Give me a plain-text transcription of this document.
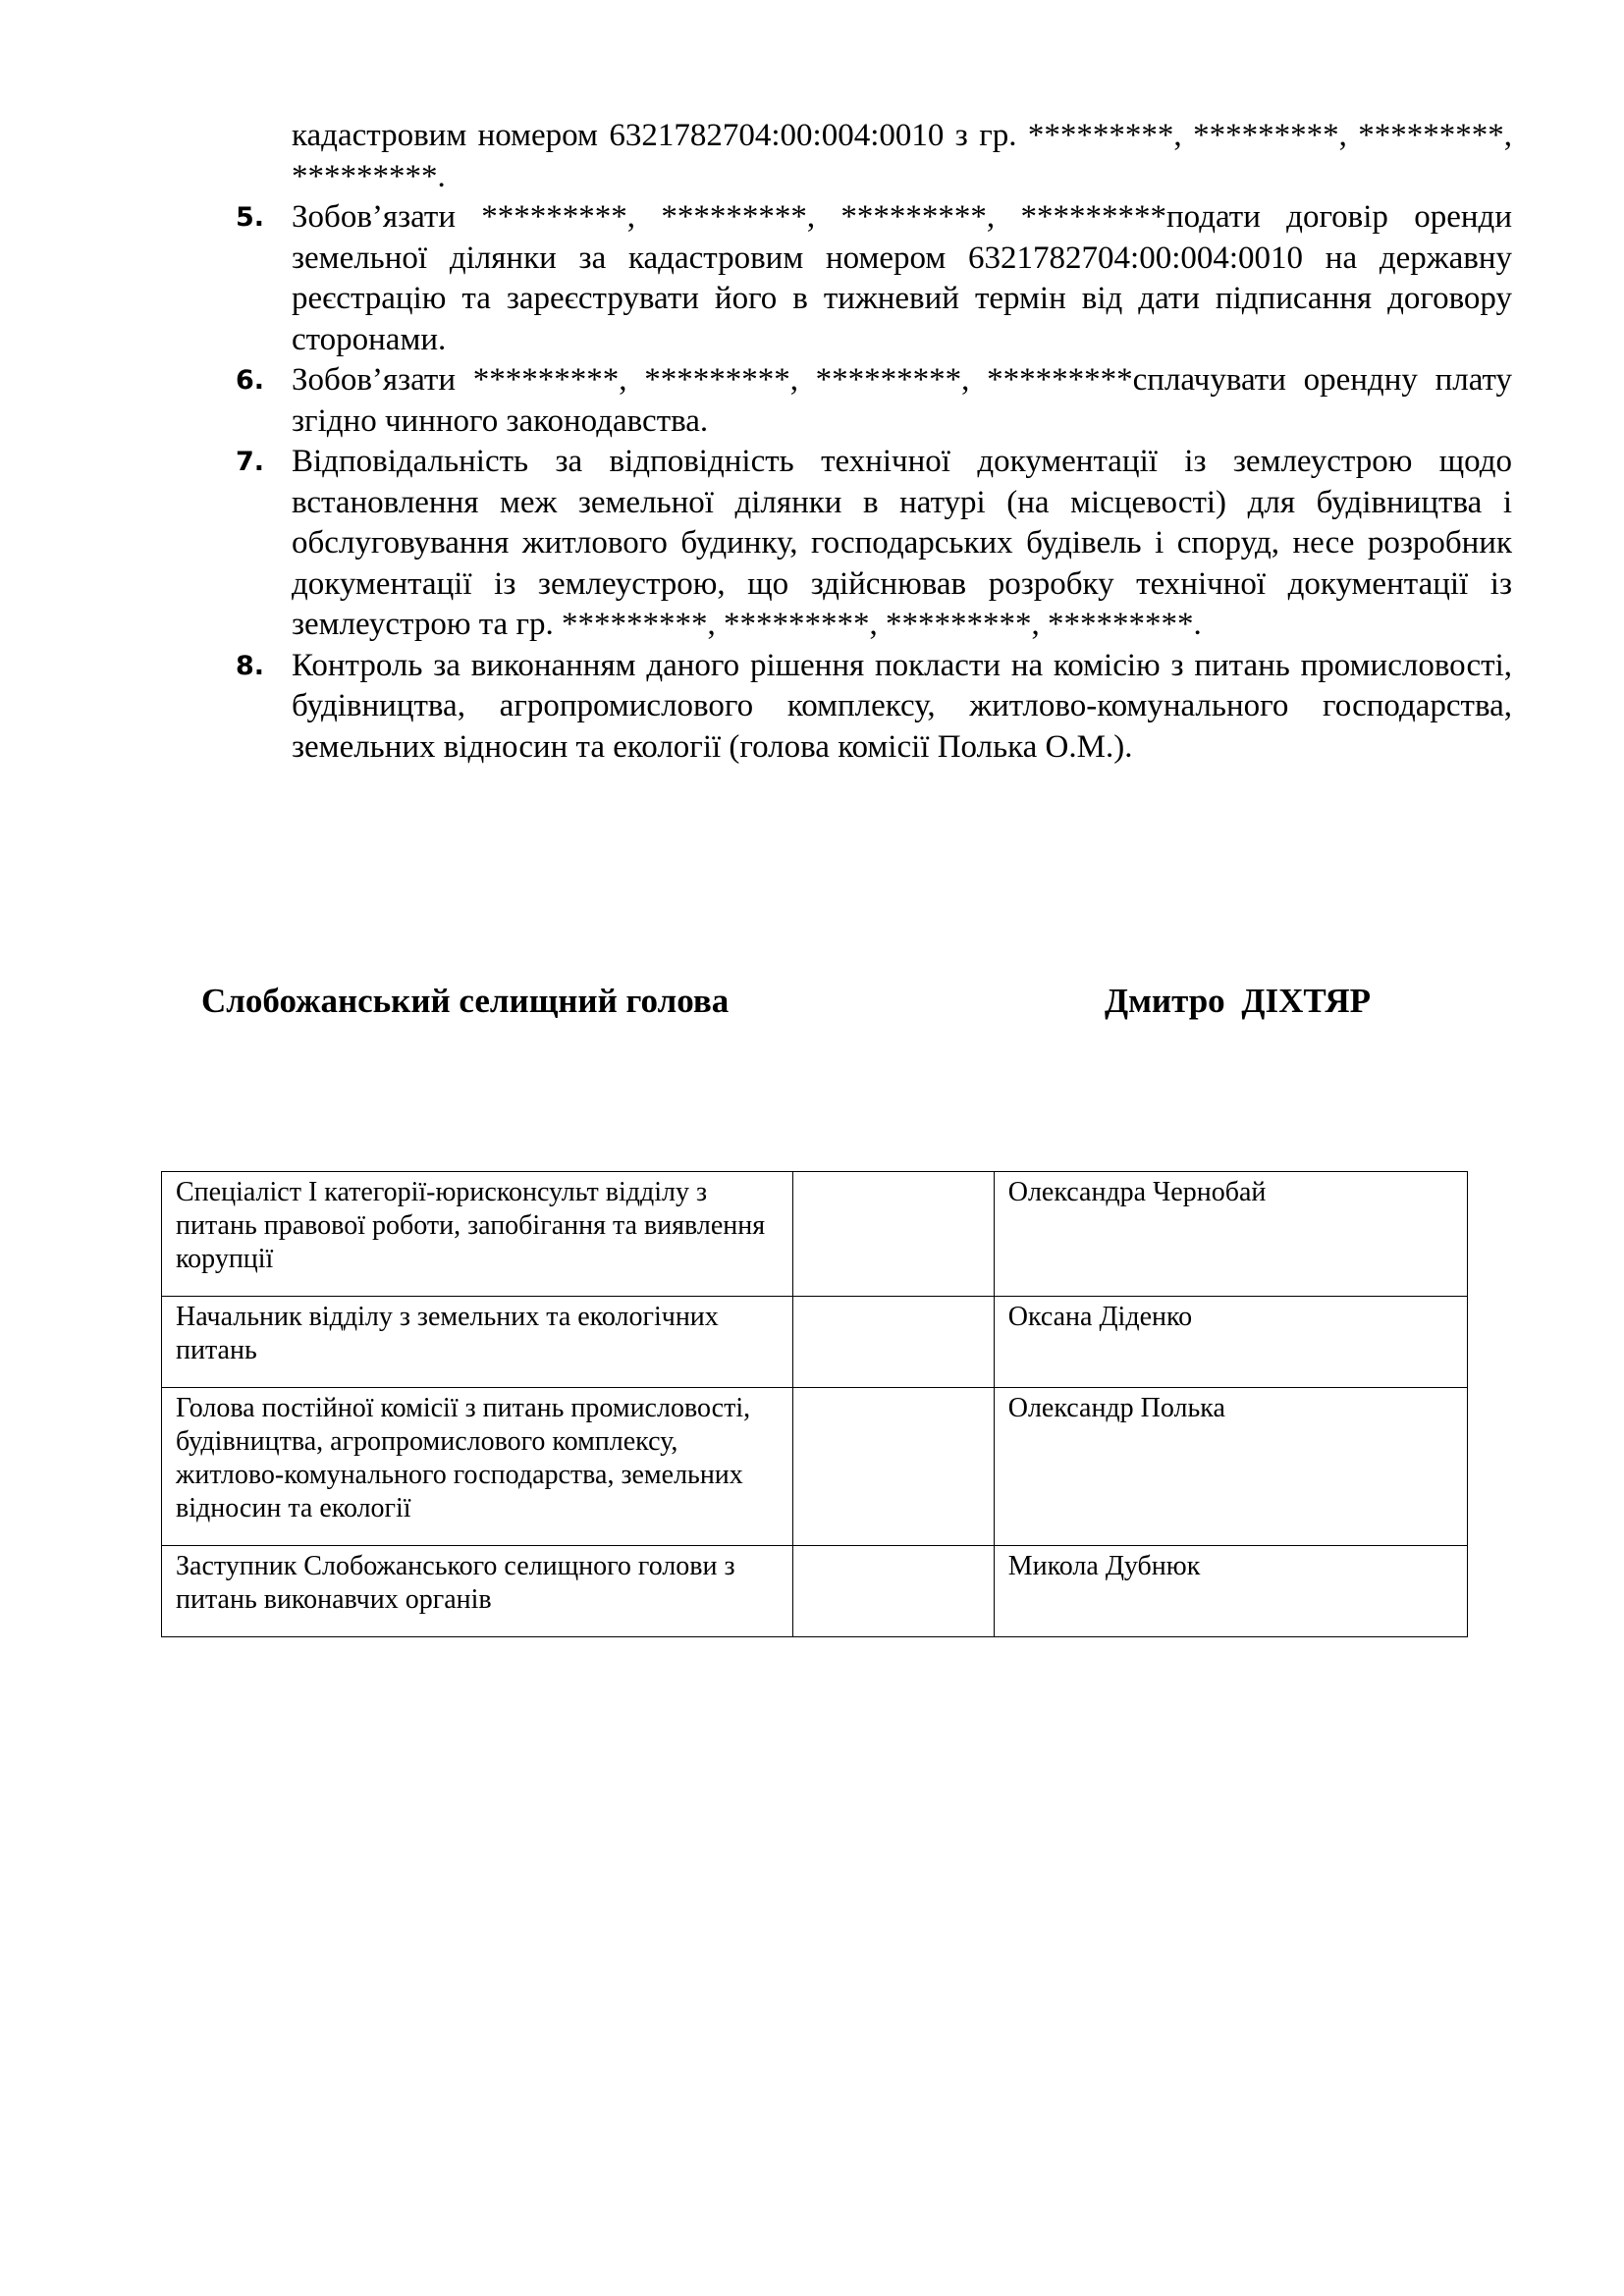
кадастровим номером 6321782704:00:004:0010 з гр. *********, *********, *********, *********.
5. Зобов’язати *********, *********, *********, *********подати договір оренди земельної ділянки за кадастровим номером 6321782704:00:004:0010 на державну реєстрацію та зареєструвати його в тижневий термін від дати підписання договору сторонами.
6. Зобов’язати *********, *********, *********, *********сплачувати орендну плату згідно чинного законодавства.
7. Відповідальність за відповідність технічної документації із землеустрою щодо встановлення меж земельної ділянки в натурі (на місцевості) для будівництва і обслуговування житлового будинку, господарських будівель і споруд, несе розробник документації із землеустрою, що здійснював розробку технічної документації із землеустрою та гр. *********, *********, *********, *********.
8. Контроль за виконанням даного рішення покласти на комісію з питань промисловості, будівництва, агропромислового комплексу, житлово-комунального господарства, земельних відносин та екології (голова комісії Полька О.М.).
Слобожанський селищний голова	Дмитро ДІХТЯР
Спеціаліст І категорії-юрисконсульт відділу з питань правової роботи, запобігання та виявлення корупції		Олександра Чернобай
Начальник відділу з земельних та екологічних питань		Оксана Діденко
Голова постійної комісії з питань промисловості, будівництва, агропромислового комплексу, житлово-комунального господарства, земельних відносин та екології		Олександр Полька
Заступник Слобожанського селищного голови з питань виконавчих органів		Микола Дубнюк
